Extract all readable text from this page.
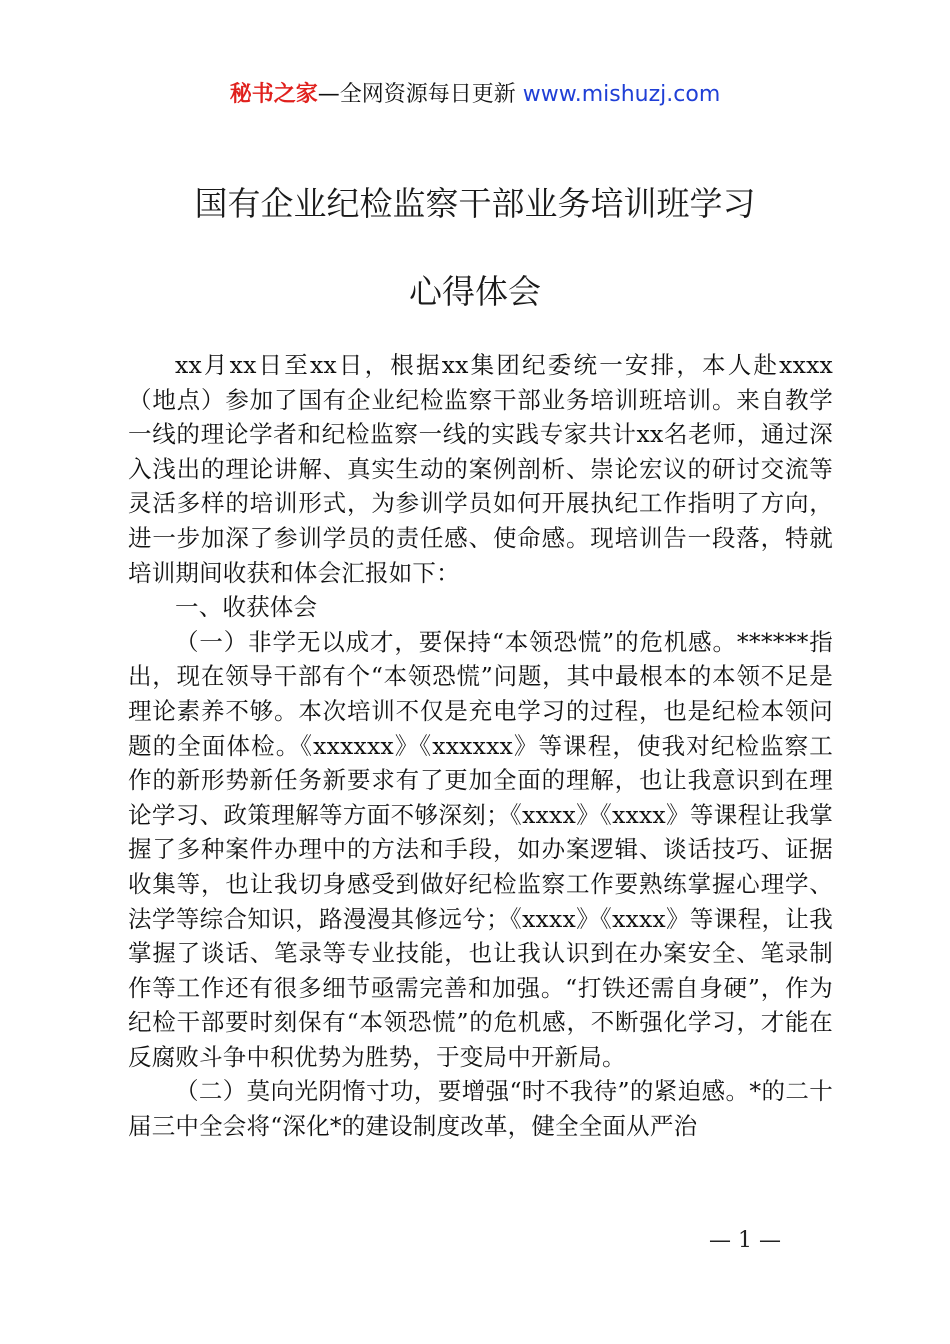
秘书之家—全网资源每日更新 www.mishuzj.com
国有企业纪检监察干部业务培训班学习
心得体会

xx月xx日至xx日，根据xx集团纪委统一安排，本人赴xxxx（地点）参加了国有企业纪检监察干部业务培训班培训。来自教学一线的理论学者和纪检监察一线的实践专家共计xx名老师，通过深入浅出的理论讲解、真实生动的案例剖析、崇论宏议的研讨交流等灵活多样的培训形式，为参训学员如何开展执纪工作指明了方向，进一步加深了参训学员的责任感、使命感。现培训告一段落，特就培训期间收获和体会汇报如下：

一、收获体会

（一）非学无以成才，要保持“本领恐慌”的危机感。******指出，现在领导干部有个“本领恐慌”问题，其中最根本的本领不足是理论素养不够。本次培训不仅是充电学习的过程，也是纪检本领问题的全面体检。《xxxxxx》《xxxxxx》等课程，使我对纪检监察工作的新形势新任务新要求有了更加全面的理解，也让我意识到在理论学习、政策理解等方面不够深刻；《xxxx》《xxxx》等课程让我掌握了多种案件办理中的方法和手段，如办案逻辑、谈话技巧、证据收集等，也让我切身感受到做好纪检监察工作要熟练掌握心理学、法学等综合知识，路漫漫其修远兮；《xxxx》《xxxx》等课程，让我掌握了谈话、笔录等专业技能，也让我认识到在办案安全、笔录制作等工作还有很多细节亟需完善和加强。“打铁还需自身硬”，作为纪检干部要时刻保有“本领恐慌”的危机感，不断强化学习，才能在反腐败斗争中积优势为胜势，于变局中开新局。

（二）莫向光阴惰寸功，要增强“时不我待”的紧迫感。*的二十届三中全会将“深化*的建设制度改革，健全全面从严治

— 1 —
